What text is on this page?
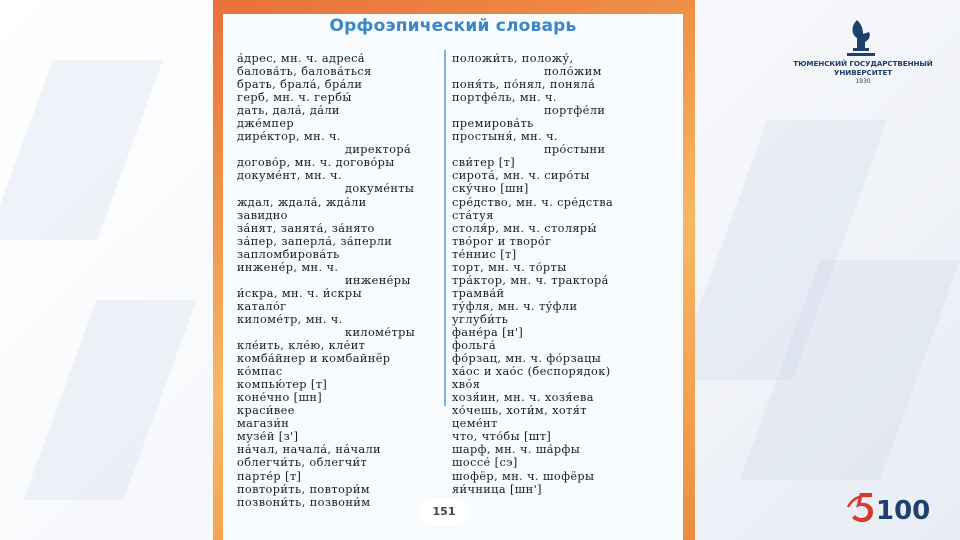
Орфоэпический словарь
а́дрес, мн. ч. адреса́
балова́ть, балова́ться
брать, брала́, бра́ли
герб, мн. ч. гербы́
дать, дала́, да́ли
дже́мпер
дире́ктор, мн. ч.
директора́
догово́р, мн. ч. догово́ры
докуме́нт, мн. ч.
докуме́нты
ждал, ждала́, жда́ли
завидно
за́нят, занята́, за́нято
за́пер, заперла́, за́перли
запломбирова́ть
инжене́р, мн. ч.
инжене́ры
и́скра, мн. ч. и́скры
катало́г
киломе́тр, мн. ч.
киломе́тры
кле́ить, кле́ю, кле́ит
комба́йнер и комбайнёр
ко́мпас
компью́тер [т]
коне́чно [шн]
краси́вее
магази́н
музе́й [з']
на́чал, начала́, на́чали
облегчи́ть, облегчи́т
парте́р [т]
повтори́ть, повтори́м
позвони́ть, позвони́м
положи́ть, положу́,
поло́жим
поня́ть, по́нял, поняла́
портфе́ль, мн. ч.
портфе́ли
премирова́ть
простыня́, мн. ч.
про́стыни
сви́тер [т]
сирота́, мн. ч. сиро́ты
ску́чно [шн]
сре́дство, мн. ч. сре́дства
ста́туя
столя́р, мн. ч. столяры́
тво́рог и творо́г
те́ннис [т]
торт, мн. ч. то́рты
тра́ктор, мн. ч. трактора́
трамва́й
ту́фля, мн. ч. ту́фли
углуби́ть
фане́ра [н']
фольга́
фо́рзац, мн. ч. фо́рзацы
ха́ос и хао́с (беспорядок)
хво́я
хозя́ин, мн. ч. хозя́ева
хо́чешь, хоти́м, хотя́т
цеме́нт
что, что́бы [шт]
шарф, мн. ч. ша́рфы
шоссе́ [сэ]
шофёр, мн. ч. шофёры
яи́чница [шн']
151
ТЮМЕНСКИЙ ГОСУДАРСТВЕННЫЙ
УНИВЕРСИТЕТ
1930
100
